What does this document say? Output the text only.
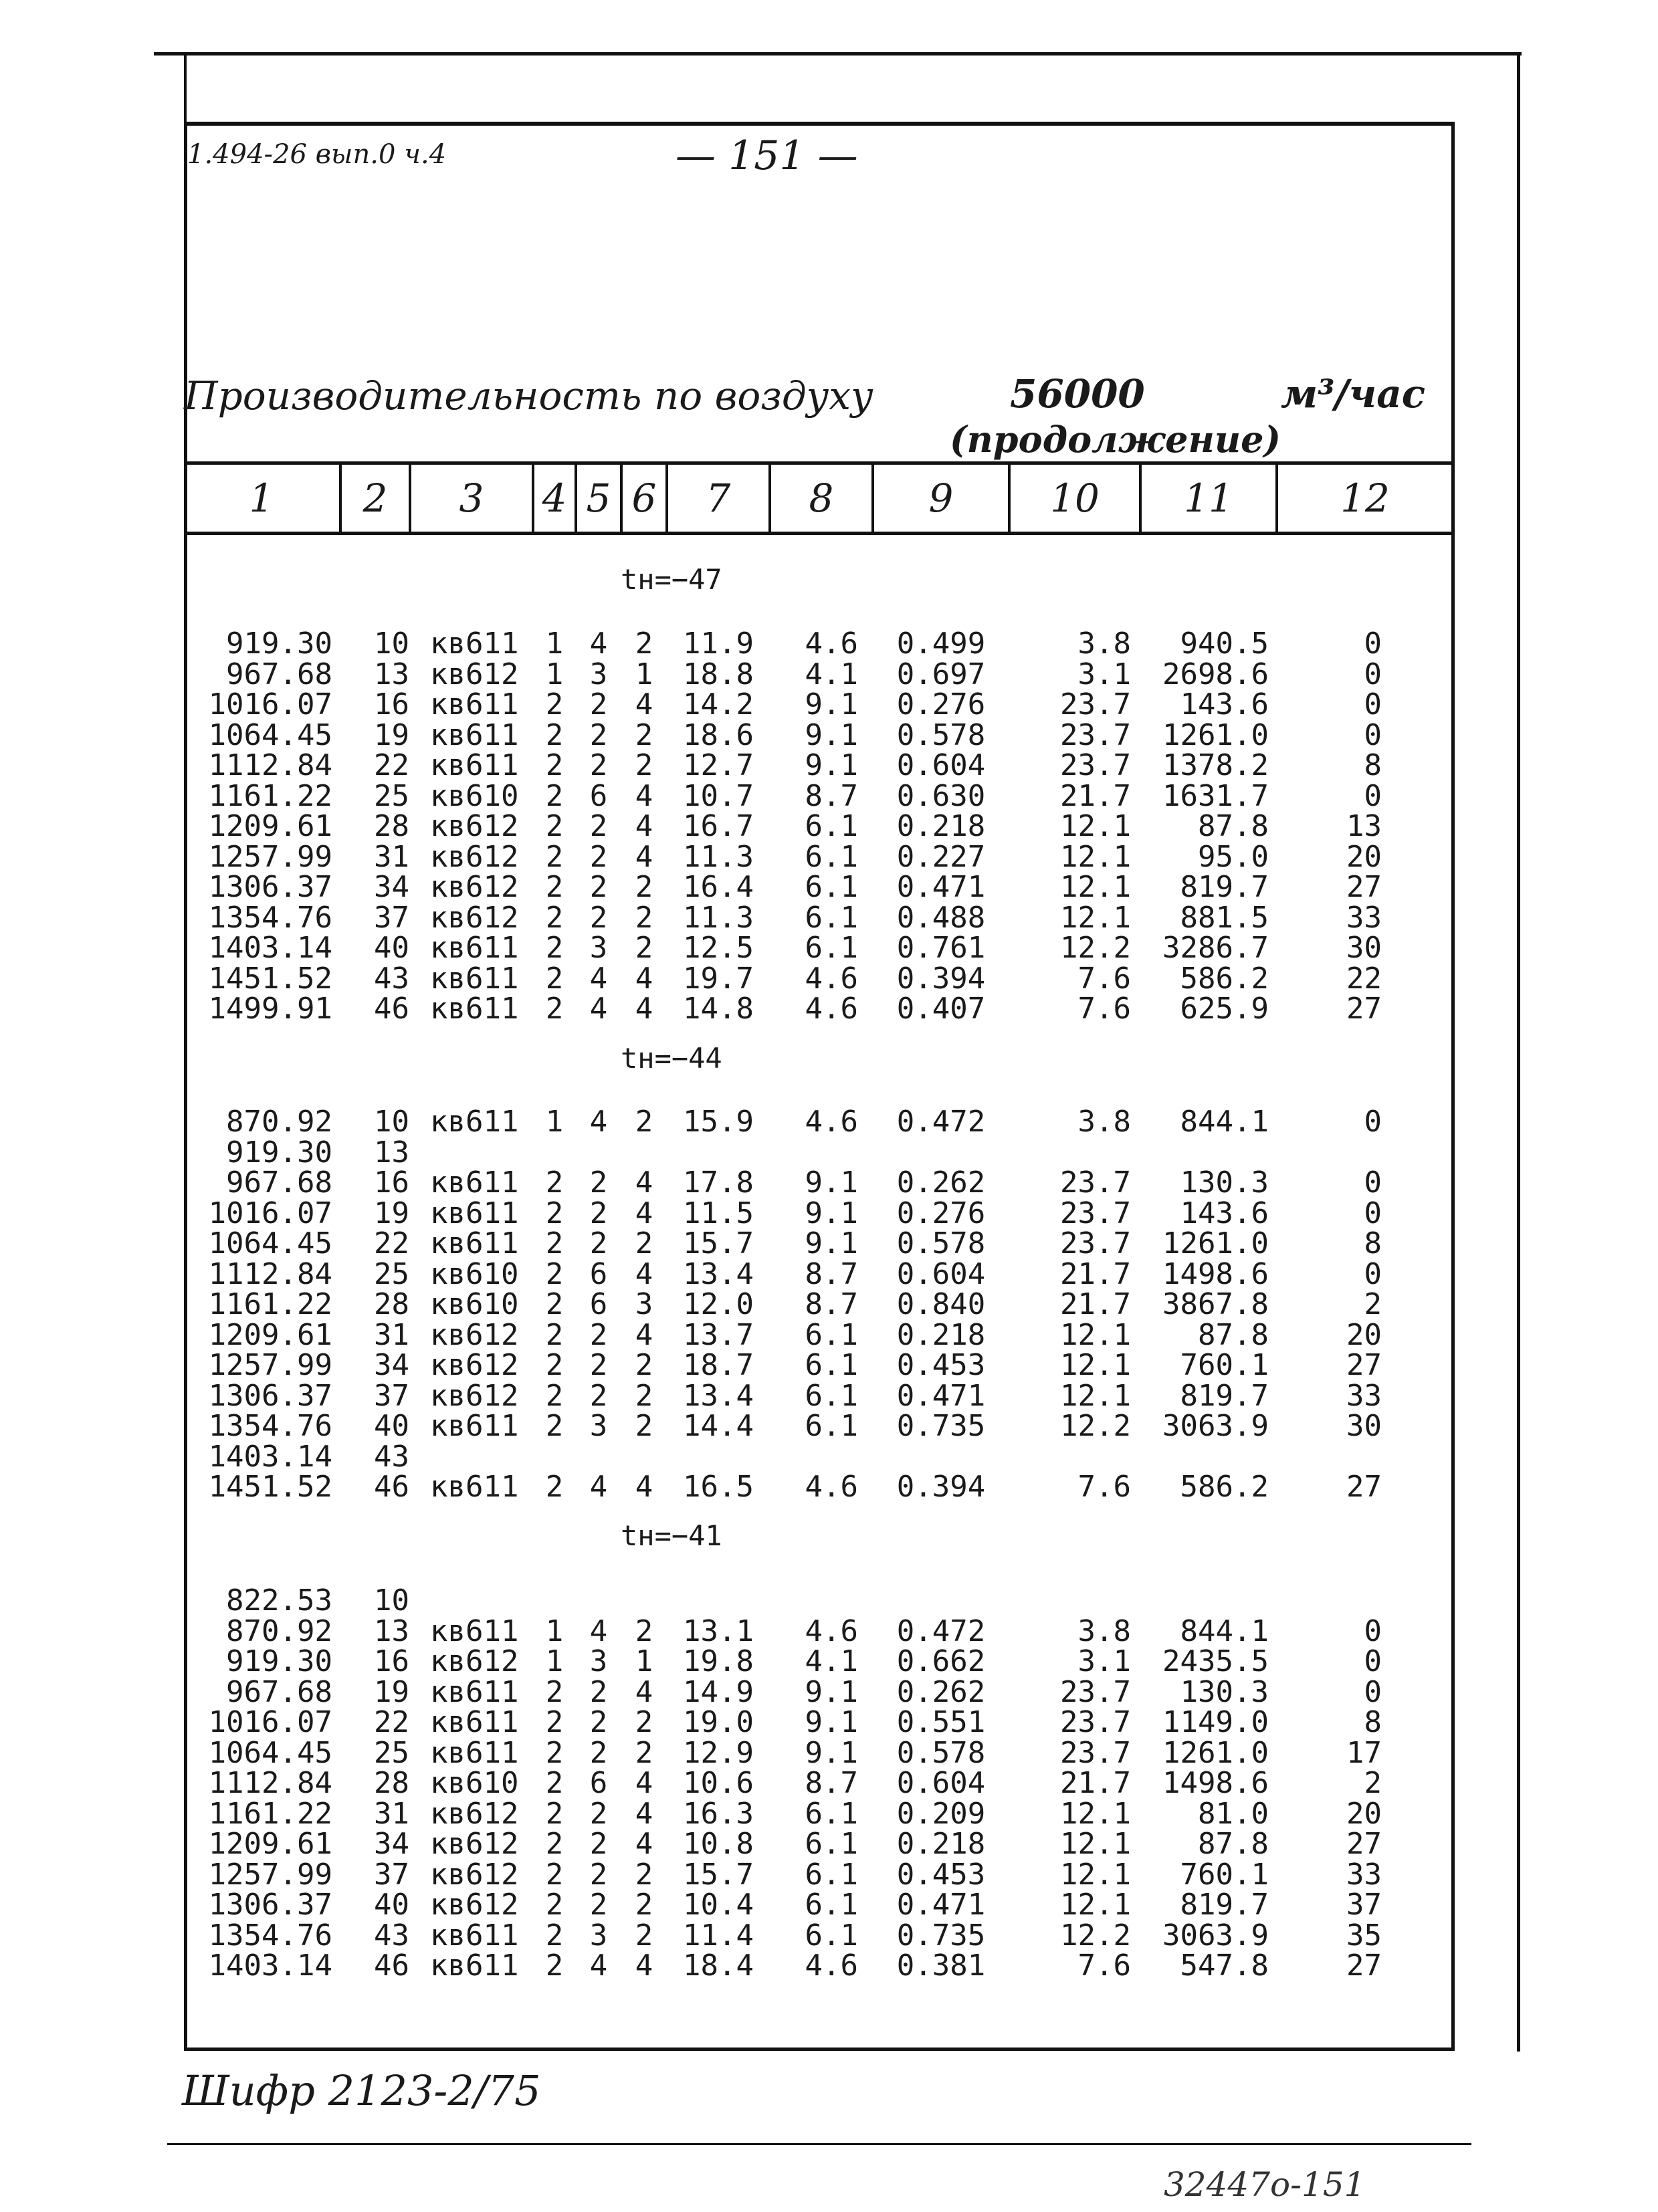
1.494-26 вып.0 ч.4	— 151 —
Производительность по воздуху	56000	м³/час
(продолжение)
1	2	3	4 5 6	7	8	9	10	11	12
tн=−47
tн=−44
tн=−41
919.30 10 кв611 1 4 2	11.9	4.6	0.499	3.8	940.5	0
967.68 13 кв612 1 3 1	18.8	4.1	0.697	3.1	2698.6	0
1016.07 16 кв611 2 2 4	14.2	9.1	0.276	23.7	143.6	0
1064.45 19 кв611 2 2 2	18.6	9.1	0.578	23.7	1261.0	0
1112.84 22 кв611 2 2 2	12.7	9.1	0.604	23.7	1378.2	8
1161.22 25 кв610 2 6 4	10.7	8.7	0.630	21.7	1631.7	0
1209.61 28 кв612 2 2 4	16.7	6.1	0.218	12.1	87.8	13
1257.99 31 кв612 2 2 4	11.3	6.1	0.227	12.1	95.0	20
1306.37 34 кв612 2 2 2	16.4	6.1	0.471	12.1	819.7	27
1354.76 37 кв612 2 2 2	11.3	6.1	0.488	12.1	881.5	33
1403.14 40 кв611 2 3 2	12.5	6.1	0.761	12.2	3286.7	30
1451.52 43 кв611 2 4 4	19.7	4.6	0.394	7.6	586.2	22
1499.91 46 кв611 2 4 4	14.8	4.6	0.407	7.6	625.9	27
870.92 10 кв611 1 4 2	15.9	4.6	0.472	3.8	844.1	0
919.30 13
967.68 16 кв611 2 2 4	17.8	9.1	0.262	23.7	130.3	0
1016.07 19 кв611 2 2 4	11.5	9.1	0.276	23.7	143.6	0
1064.45 22 кв611 2 2 2	15.7	9.1	0.578	23.7	1261.0	8
1112.84 25 кв610 2 6 4	13.4	8.7	0.604	21.7	1498.6	0
1161.22 28 кв610 2 6 3	12.0	8.7	0.840	21.7	3867.8	2
1209.61 31 кв612 2 2 4	13.7	6.1	0.218	12.1	87.8	20
1257.99 34 кв612 2 2 2	18.7	6.1	0.453	12.1	760.1	27
1306.37 37 кв612 2 2 2	13.4	6.1	0.471	12.1	819.7	33
1354.76 40 кв611 2 3 2	14.4	6.1	0.735	12.2	3063.9	30
1403.14 43
1451.52 46 кв611 2 4 4	16.5	4.6	0.394	7.6	586.2	27
822.53 10
870.92 13 кв611 1 4 2	13.1	4.6	0.472	3.8	844.1	0
919.30 16 кв612 1 3 1	19.8	4.1	0.662	3.1	2435.5	0
967.68 19 кв611 2 2 4	14.9	9.1	0.262	23.7	130.3	0
1016.07 22 кв611 2 2 2	19.0	9.1	0.551	23.7	1149.0	8
1064.45 25 кв611 2 2 2	12.9	9.1	0.578	23.7	1261.0	17
1112.84 28 кв610 2 6 4	10.6	8.7	0.604	21.7	1498.6	2
1161.22 31 кв612 2 2 4	16.3	6.1	0.209	12.1	81.0	20
1209.61 34 кв612 2 2 4	10.8	6.1	0.218	12.1	87.8	27
1257.99 37 кв612 2 2 2	15.7	6.1	0.453	12.1	760.1	33
1306.37 40 кв612 2 2 2	10.4	6.1	0.471	12.1	819.7	37
1354.76 43 кв611 2 3 2	11.4	6.1	0.735	12.2	3063.9	35
1403.14 46 кв611 2 4 4	18.4	4.6	0.381	7.6	547.8	27
Шифр 2123-2/75
32447о-151
